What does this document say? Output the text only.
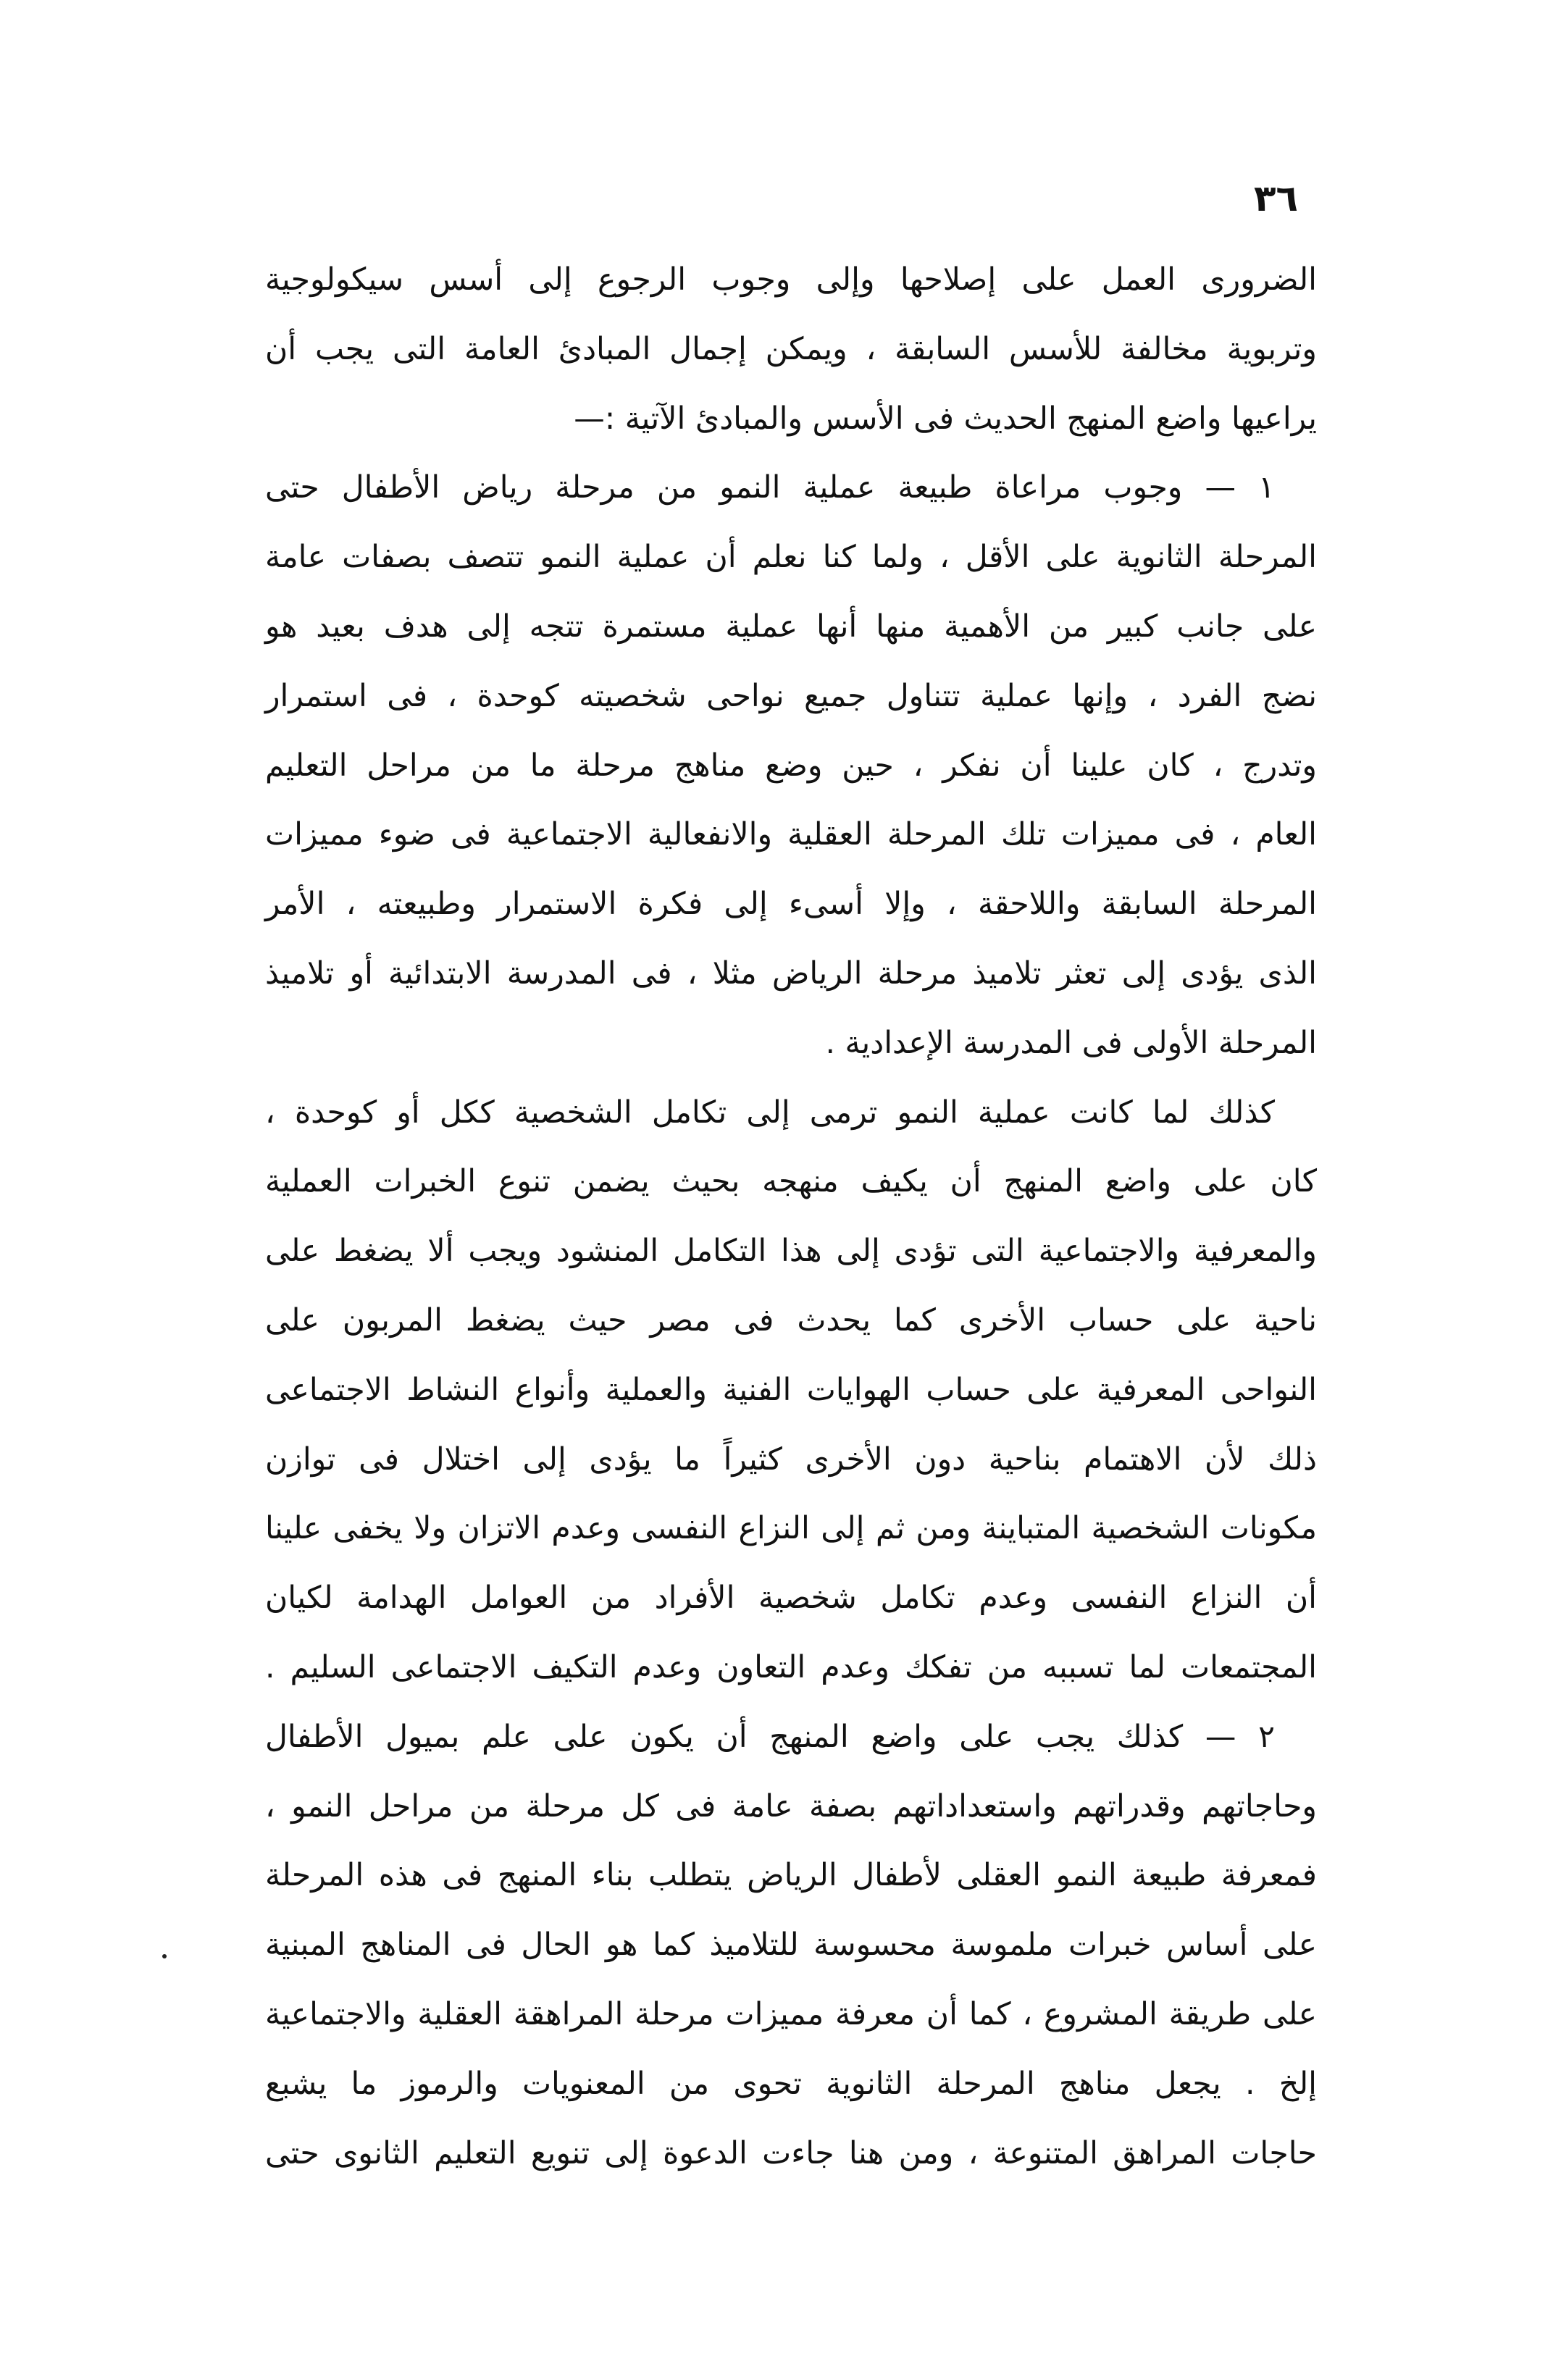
٣٦
الضرورى العمل على إصلاحها وإلى وجوب الرجوع إلى أسس سيكولوجية
وتربوية مخالفة للأسس السابقة ، ويمكن إجمال المبادئ العامة التى يجب أن
يراعيها واضع المنهج الحديث فى الأسس والمبادئ الآتية :—
١ — وجوب مراعاة طبيعة عملية النمو من مرحلة رياض الأطفال حتى
المرحلة الثانوية على الأقل ، ولما كنا نعلم أن عملية النمو تتصف بصفات عامة
على جانب كبير من الأهمية منها أنها عملية مستمرة تتجه إلى هدف بعيد هو
نضج الفرد ، وإنها عملية تتناول جميع نواحى شخصيته كوحدة ، فى استمرار
وتدرج ، كان علينا أن نفكر ، حين وضع مناهج مرحلة ما من مراحل التعليم
العام ، فى مميزات تلك المرحلة العقلية والانفعالية الاجتماعية فى ضوء مميزات
المرحلة السابقة واللاحقة ، وإلا أسىء إلى فكرة الاستمرار وطبيعته ، الأمر
الذى يؤدى إلى تعثر تلاميذ مرحلة الرياض مثلا ، فى المدرسة الابتدائية أو تلاميذ
المرحلة الأولى فى المدرسة الإعدادية .
كذلك لما كانت عملية النمو ترمى إلى تكامل الشخصية ككل أو كوحدة ،
كان على واضع المنهج أن يكيف منهجه بحيث يضمن تنوع الخبرات العملية
والمعرفية والاجتماعية التى تؤدى إلى هذا التكامل المنشود ويجب ألا يضغط على
ناحية على حساب الأخرى كما يحدث فى مصر حيث يضغط المربون على
النواحى المعرفية على حساب الهوايات الفنية والعملية وأنواع النشاط الاجتماعى
ذلك لأن الاهتمام بناحية دون الأخرى كثيراً ما يؤدى إلى اختلال فى توازن
مكونات الشخصية المتباينة ومن ثم إلى النزاع النفسى وعدم الاتزان ولا يخفى علينا
أن النزاع النفسى وعدم تكامل شخصية الأفراد من العوامل الهدامة لكيان
المجتمعات لما تسببه من تفكك وعدم التعاون وعدم التكيف الاجتماعى السليم .
٢ — كذلك يجب على واضع المنهج أن يكون على علم بميول الأطفال
وحاجاتهم وقدراتهم واستعداداتهم بصفة عامة فى كل مرحلة من مراحل النمو ،
فمعرفة طبيعة النمو العقلى لأطفال الرياض يتطلب بناء المنهج فى هذه المرحلة
على أساس خبرات ملموسة محسوسة للتلاميذ كما هو الحال فى المناهج المبنية
على طريقة المشروع ، كما أن معرفة مميزات مرحلة المراهقة العقلية والاجتماعية
إلخ . يجعل مناهج المرحلة الثانوية تحوى من المعنويات والرموز ما يشبع
حاجات المراهق المتنوعة ، ومن هنا جاءت الدعوة إلى تنويع التعليم الثانوى حتى
